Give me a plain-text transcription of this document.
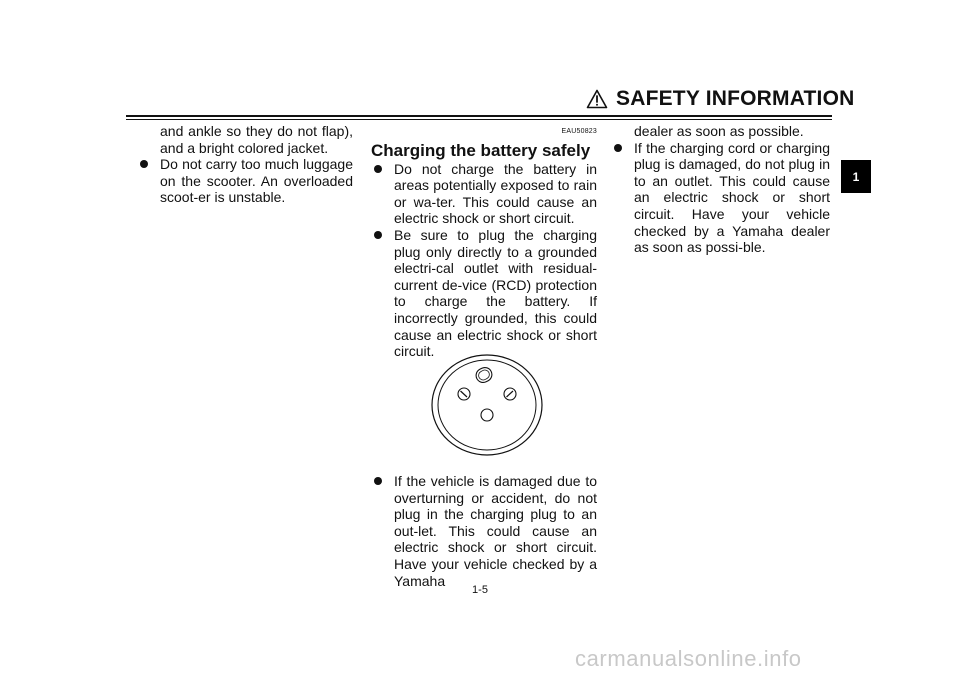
SAFETY INFORMATION
1

and ankle so they do not flap), and a bright colored jacket.

Do not carry too much luggage on the scooter. An overloaded scoot-er is unstable.

EAU50823
Charging the battery safely

Do not charge the battery in areas potentially exposed to rain or wa-ter. This could cause an electric shock or short circuit.

Be sure to plug the charging plug only directly to a grounded electri-cal outlet with residual-current de-vice (RCD) protection to charge the battery. If incorrectly grounded, this could cause an electric shock or short circuit.

If the vehicle is damaged due to overturning or accident, do not plug in the charging plug to an out-let. This could cause an electric shock or short circuit. Have your vehicle checked by a Yamaha

dealer as soon as possible.

If the charging cord or charging plug is damaged, do not plug in to an outlet. This could cause an electric shock or short circuit. Have your vehicle checked by a Yamaha dealer as soon as possi-ble.

1-5
carmanualsonline.info
